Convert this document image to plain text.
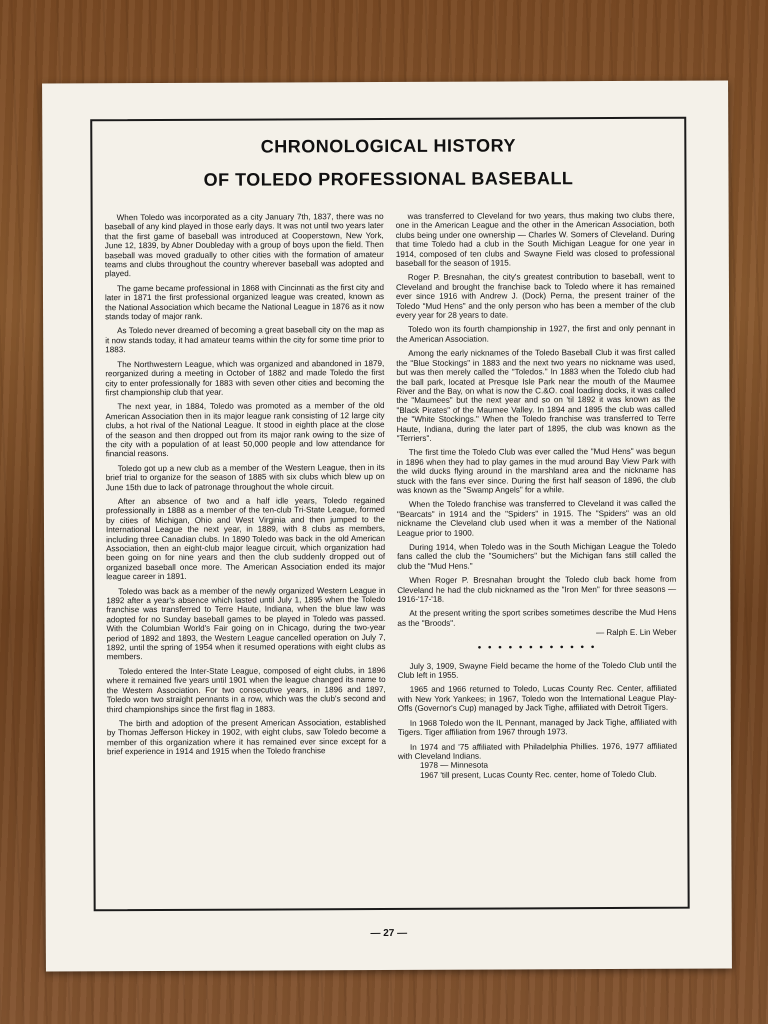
CHRONOLOGICAL HISTORY
OF TOLEDO PROFESSIONAL BASEBALL

When Toledo was incorporated as a city January 7th, 1837, there was no baseball of any kind played in those early days. It was not until two years later that the first game of baseball was introduced at Cooperstown, New York, June 12, 1839, by Abner Doubleday with a group of boys upon the field. Then baseball was moved gradually to other cities with the formation of amateur teams and clubs throughout the country wherever baseball was adopted and played.

The game became professional in 1868 with Cincinnati as the first city and later in 1871 the first professional organized league was created, known as the National Association which became the National League in 1876 as it now stands today of major rank.

As Toledo never dreamed of becoming a great baseball city on the map as it now stands today, it had amateur teams within the city for some time prior to 1883.

The Northwestern League, which was organized and abandoned in 1879, reorganized during a meeting in October of 1882 and made Toledo the first city to enter professionally for 1883 with seven other cities and becoming the first championship club that year.

The next year, in 1884, Toledo was promoted as a member of the old American Association then in its major league rank consisting of 12 large city clubs, a hot rival of the National League. It stood in eighth place at the close of the season and then dropped out from its major rank owing to the size of the city with a population of at least 50,000 people and low attendance for financial reasons.

Toledo got up a new club as a member of the Western League, then in its brief trial to organize for the season of 1885 with six clubs which blew up on June 15th due to lack of patronage throughout the whole circuit.

After an absence of two and a half idle years, Toledo regained professionally in 1888 as a member of the ten-club Tri-State League, formed by cities of Michigan, Ohio and West Virginia and then jumped to the International League the next year, in 1889, with 8 clubs as members, including three Canadian clubs. In 1890 Toledo was back in the old American Association, then an eight-club major league circuit, which organization had been going on for nine years and then the club suddenly dropped out of organized baseball once more. The American Association ended its major league career in 1891.

Toledo was back as a member of the newly organized Western League in 1892 after a year's absence which lasted until July 1, 1895 when the Toledo franchise was transferred to Terre Haute, Indiana, when the blue law was adopted for no Sunday baseball games to be played in Toledo was passed. With the Columbian World's Fair going on in Chicago, during the two-year period of 1892 and 1893, the Western League cancelled operation on July 7, 1892, until the spring of 1954 when it resumed operations with eight clubs as members.

Toledo entered the Inter-State League, composed of eight clubs, in 1896 where it remained five years until 1901 when the league changed its name to the Western Association. For two consecutive years, in 1896 and 1897, Toledo won two straight pennants in a row, which was the club's second and third championships since the first flag in 1883.

The birth and adoption of the present American Association, established by Thomas Jefferson Hickey in 1902, with eight clubs, saw Toledo become a member of this organization where it has remained ever since except for a brief experience in 1914 and 1915 when the Toledo franchise

was transferred to Cleveland for two years, thus making two clubs there, one in the American League and the other in the American Association, both clubs being under one ownership — Charles W. Somers of Cleveland. During that time Toledo had a club in the South Michigan League for one year in 1914, composed of ten clubs and Swayne Field was closed to professional baseball for the season of 1915.

Roger P. Bresnahan, the city's greatest contribution to baseball, went to Cleveland and brought the franchise back to Toledo where it has remained ever since 1916 with Andrew J. (Dock) Perna, the present trainer of the Toledo "Mud Hens" and the only person who has been a member of the club every year for 28 years to date.

Toledo won its fourth championship in 1927, the first and only pennant in the American Association.

Among the early nicknames of the Toledo Baseball Club it was first called the "Blue Stockings" in 1883 and the next two years no nickname was used, but was then merely called the "Toledos." In 1883 when the Toledo club had the ball park, located at Presque Isle Park near the mouth of the Maumee River and the Bay, on what is now the C.&O. coal loading docks, it was called the "Maumees" but the next year and so on 'til 1892 it was known as the "Black Pirates" of the Maumee Valley. In 1894 and 1895 the club was called the "White Stockings." When the Toledo franchise was transferred to Terre Haute, Indiana, during the later part of 1895, the club was known as the "Terriers".

The first time the Toledo Club was ever called the "Mud Hens" was begun in 1896 when they had to play games in the mud around Bay View Park with the wild ducks flying around in the marshland area and the nickname has stuck with the fans ever since. During the first half season of 1896, the club was known as the "Swamp Angels" for a while.

When the Toledo franchise was transferred to Cleveland it was called the "Bearcats" in 1914 and the "Spiders" in 1915. The "Spiders" was an old nickname the Cleveland club used when it was a member of the National League prior to 1900.

During 1914, when Toledo was in the South Michigan League the Toledo fans called the club the "Soumichers" but the Michigan fans still called the club the "Mud Hens."

When Roger P. Bresnahan brought the Toledo club back home from Cleveland he had the club nicknamed as the "Iron Men" for three seasons — 1916-'17-'18.

At the present writing the sport scribes sometimes describe the Mud Hens as the "Broods".

— Ralph E. Lin Weber

• • • • • • • • • • • •

July 3, 1909, Swayne Field became the home of the Toledo Club until the Club left in 1955.

1965 and 1966 returned to Toledo, Lucas County Rec. Center, affiliated with New York Yankees; in 1967, Toledo won the International League Play-Offs (Governor's Cup) managed by Jack Tighe, affiliated with Detroit Tigers.

In 1968 Toledo won the IL Pennant, managed by Jack Tighe, affiliated with Tigers. Tiger affiliation from 1967 through 1973.

In 1974 and '75 affiliated with Philadelphia Phillies. 1976, 1977 affiliated with Cleveland Indians.

1978 — Minnesota

1967 'till present, Lucas County Rec. center, home of Toledo Club.

— 27 —
